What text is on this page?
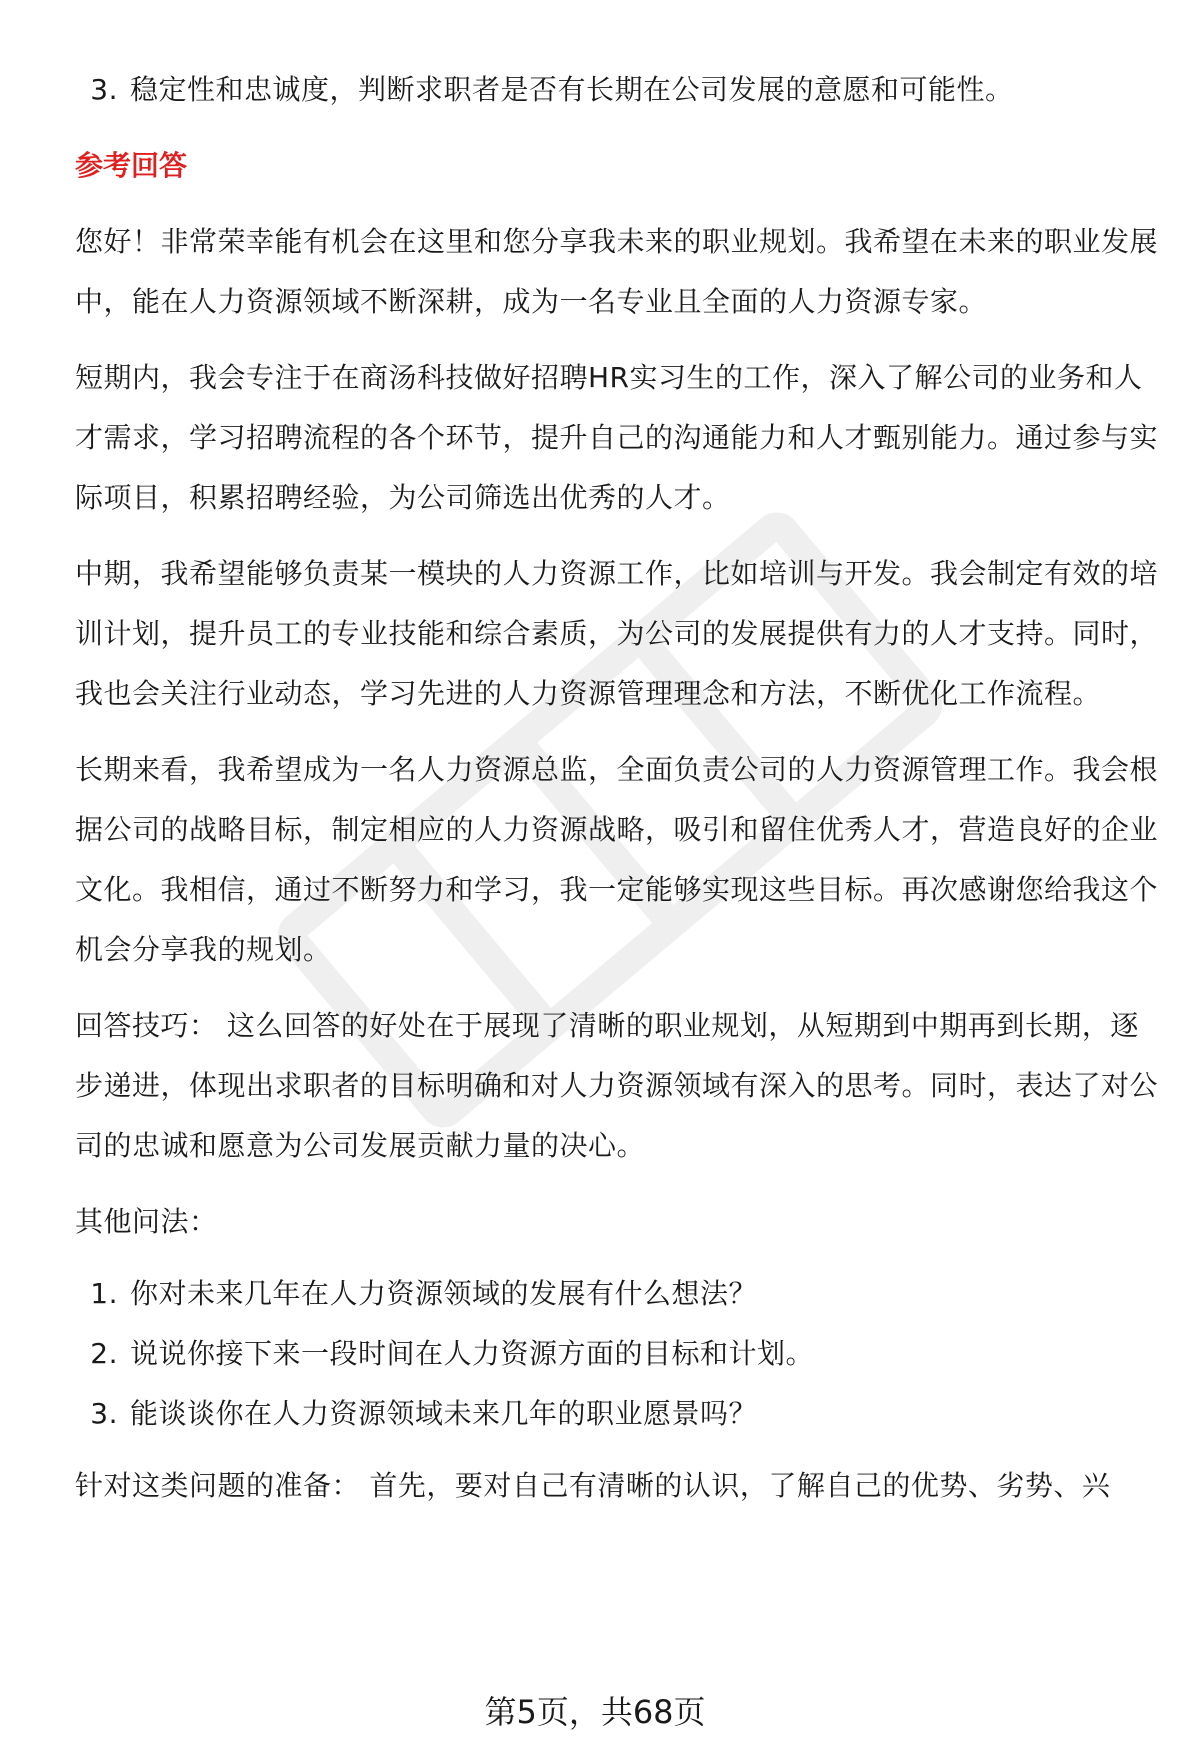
3. 稳定性和忠诚度，判断求职者是否有长期在公司发展的意愿和可能性。
参考回答

您好！非常荣幸能有机会在这里和您分享我未来的职业规划。我希望在未来的职业发展中，能在人力资源领域不断深耕，成为一名专业且全面的人力资源专家。

短期内，我会专注于在商汤科技做好招聘HR实习生的工作，深入了解公司的业务和人才需求，学习招聘流程的各个环节，提升自己的沟通能力和人才甄别能力。通过参与实际项目，积累招聘经验，为公司筛选出优秀的人才。

中期，我希望能够负责某一模块的人力资源工作，比如培训与开发。我会制定有效的培训计划，提升员工的专业技能和综合素质，为公司的发展提供有力的人才支持。同时，我也会关注行业动态，学习先进的人力资源管理理念和方法，不断优化工作流程。

长期来看，我希望成为一名人力资源总监，全面负责公司的人力资源管理工作。我会根据公司的战略目标，制定相应的人力资源战略，吸引和留住优秀人才，营造良好的企业文化。我相信，通过不断努力和学习，我一定能够实现这些目标。再次感谢您给我这个机会分享我的规划。

回答技巧： 这么回答的好处在于展现了清晰的职业规划，从短期到中期再到长期，逐步递进，体现出求职者的目标明确和对人力资源领域有深入的思考。同时，表达了对公司的忠诚和愿意为公司发展贡献力量的决心。

其他问法：

1. 你对未来几年在人力资源领域的发展有什么想法？
2. 说说你接下来一段时间在人力资源方面的目标和计划。
3. 能谈谈你在人力资源领域未来几年的职业愿景吗？

针对这类问题的准备： 首先，要对自己有清晰的认识，了解自己的优势、劣势、兴

第5页，共68页
